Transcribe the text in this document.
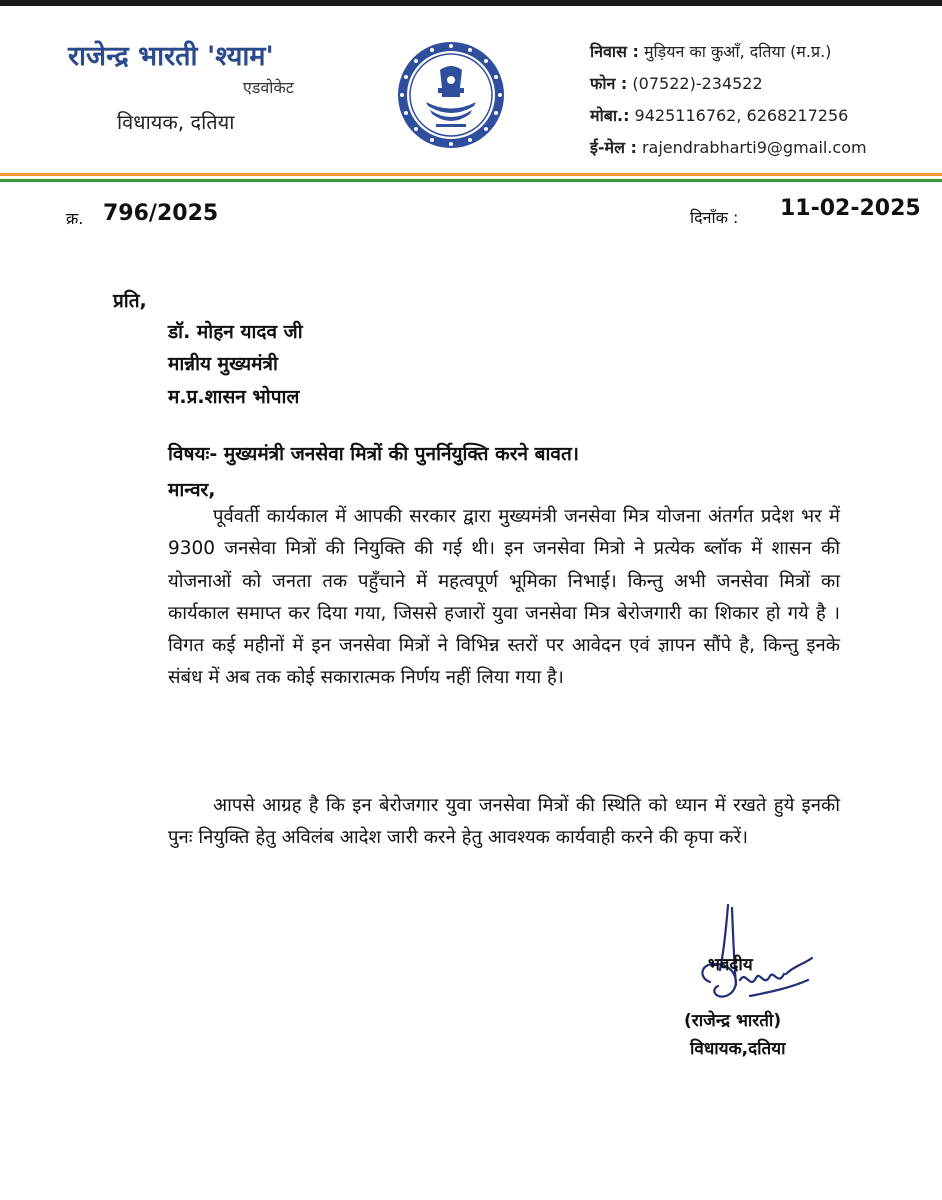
राजेन्द्र भारती 'श्याम'
एडवोकेट
विधायक, दतिया
निवास : मुड़ियन का कुआँ, दतिया (म.प्र.)
फोन : (07522)-234522
मोबा.: 9425116762, 6268217256
ई-मेल : rajendrabharti9@gmail.com
क्र. 796/2025	दिनाँक : 11-02-2025
प्रति,
डॉ. मोहन यादव जी
मान्नीय मुख्यमंत्री
म.प्र.शासन भोपाल
विषयः- मुख्यमंत्री जनसेवा मित्रों की पुनर्नियुक्ति करने बावत।
मान्वर,

पूर्ववर्ती कार्यकाल में आपकी सरकार द्वारा मुख्यमंत्री जनसेवा मित्र योजना अंतर्गत प्रदेश भर में 9300 जनसेवा मित्रों की नियुक्ति की गई थी। इन जनसेवा मित्रो ने प्रत्येक ब्लॉक में शासन की योजनाओं को जनता तक पहुँचाने में महत्वपूर्ण भूमिका निभाई। किन्तु अभी जनसेवा मित्रों का कार्यकाल समाप्त कर दिया गया, जिससे हजारों युवा जनसेवा मित्र बेरोजगारी का शिकार हो गये है । विगत कई महीनों में इन जनसेवा मित्रों ने विभिन्न स्तरों पर आवेदन एवं ज्ञापन सौंपे है, किन्तु इनके संबंध में अब तक कोई सकारात्मक निर्णय नहीं लिया गया है।

आपसे आग्रह है कि इन बेरोजगार युवा जनसेवा मित्रों की स्थिति को ध्यान में रखते हुये इनकी पुनः नियुक्ति हेतु अविलंब आदेश जारी करने हेतु आवश्यक कार्यवाही करने की कृपा करें।

भवदीय
(राजेन्द्र भारती)
विधायक,दतिया
